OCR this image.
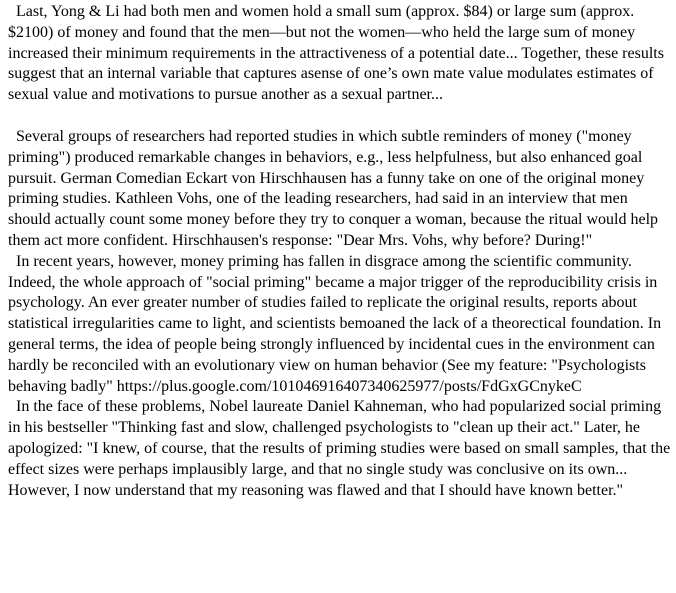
Last, Yong & Li had both men and women hold a small sum (approx. $84) or large sum (approx. $2100) of money and found that the men—but not the women—who held the large sum of money increased their minimum requirements in the attractiveness of a potential date... Together, these results suggest that an internal variable that captures asense of one’s own mate value modulates estimates of sexual value and motivations to pursue another as a sexual partner...

Several groups of researchers had reported studies in which subtle reminders of money ("money priming") produced remarkable changes in behaviors, e.g., less helpfulness, but also enhanced goal pursuit. German Comedian Eckart von Hirschhausen has a funny take on one of the original money priming studies. Kathleen Vohs, one of the leading researchers, had said in an interview that men should actually count some money before they try to conquer a woman, because the ritual would help them act more confident. Hirschhausen's response: "Dear Mrs. Vohs, why before? During!"

In recent years, however, money priming has fallen in disgrace among the scientific community. Indeed, the whole approach of "social priming" became a major trigger of the reproducibility crisis in psychology. An ever greater number of studies failed to replicate the original results, reports about statistical irregularities came to light, and scientists bemoaned the lack of a theorectical foundation. In general terms, the idea of people being strongly influenced by incidental cues in the environment can hardly be reconciled with an evolutionary view on human behavior (See my feature: "Psychologists behaving badly" https://plus.google.com/101046916407340625977/posts/FdGxGCnykeC

In the face of these problems, Nobel laureate Daniel Kahneman, who had popularized social priming in his bestseller "Thinking fast and slow, challenged psychologists to "clean up their act." Later, he apologized: "I knew, of course, that the results of priming studies were based on small samples, that the effect sizes were perhaps implausibly large, and that no single study was conclusive on its own... However, I now understand that my reasoning was flawed and that I should have known better."
